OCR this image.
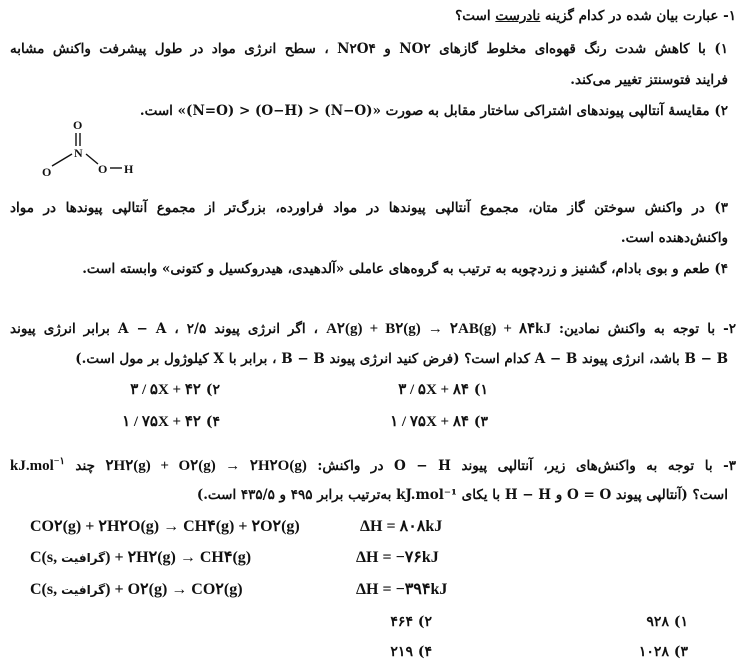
۱- عبارت بیان شده در کدام گزینه نادرست است؟
۱) با کاهش شدت رنگ قهوه‌ای مخلوط گازهای NO۲ و N۲O۴ ، سطح انرژی مواد در طول پیشرفت واکنش مشابه
فرایند فتوسنتز تغییر می‌کند.
۲) مقایسهٔ آنتالپی پیوندهای اشتراکی ساختار مقابل به صورت «(N−O) < (O−H) < (N=O)» است.
O
N
O	O H
۳) در واکنش سوختن گاز متان، مجموع آنتالپی پیوندها در مواد فراورده، بزرگ‌تر از مجموع آنتالپی پیوندها در مواد
واکنش‌دهنده است.
۴) طعم و بوی بادام، گشنیز و زردچوبه به ترتیب به گروه‌های عاملی «آلدهیدی، هیدروکسیل و کتونی» وابسته است.
۲- با توجه به واکنش نمادین: A۲(g) + B۲(g) → ۲AB(g) + ۸۴kJ ، اگر انرژی پیوند A − A ، ۲/۵ برابر انرژی پیوند
B − B باشد، انرژی پیوند A − B کدام است؟ (فرض کنید انرژی پیوند B − B ، برابر با X کیلوژول بر مول است.)
۱) ۳ / ۵X + ۸۴
۲) ۳ / ۵X + ۴۲
۳) ۱ / ۷۵X + ۸۴
۴) ۱ / ۷۵X + ۴۲
۳- با توجه به واکنش‌های زیر، آنتالپی پیوند O − H در واکنش: ۲H۲(g) + O۲(g) → ۲H۲O(g) چند kJ.mol$^{-۱}$
است؟ (آنتالپی پیوند O = O و H − H با یکای kJ.mol⁻¹ به‌ترتیب برابر ۴۹۵ و ۴۳۵/۵ است.)
CO۲(g) + ۲H۲O(g) → CH۴(g) + ۲O۲(g)	ΔH = ۸۰۸kJ
C(s, گرافیت) + ۲H۲(g) → CH۴(g)	ΔH = −۷۶kJ
C(s, گرافیت) + O۲(g) → CO۲(g)	ΔH = −۳۹۴kJ
۱) ۹۲۸
۲) ۴۶۴
۳) ۱۰۲۸
۴) ۲۱۹
